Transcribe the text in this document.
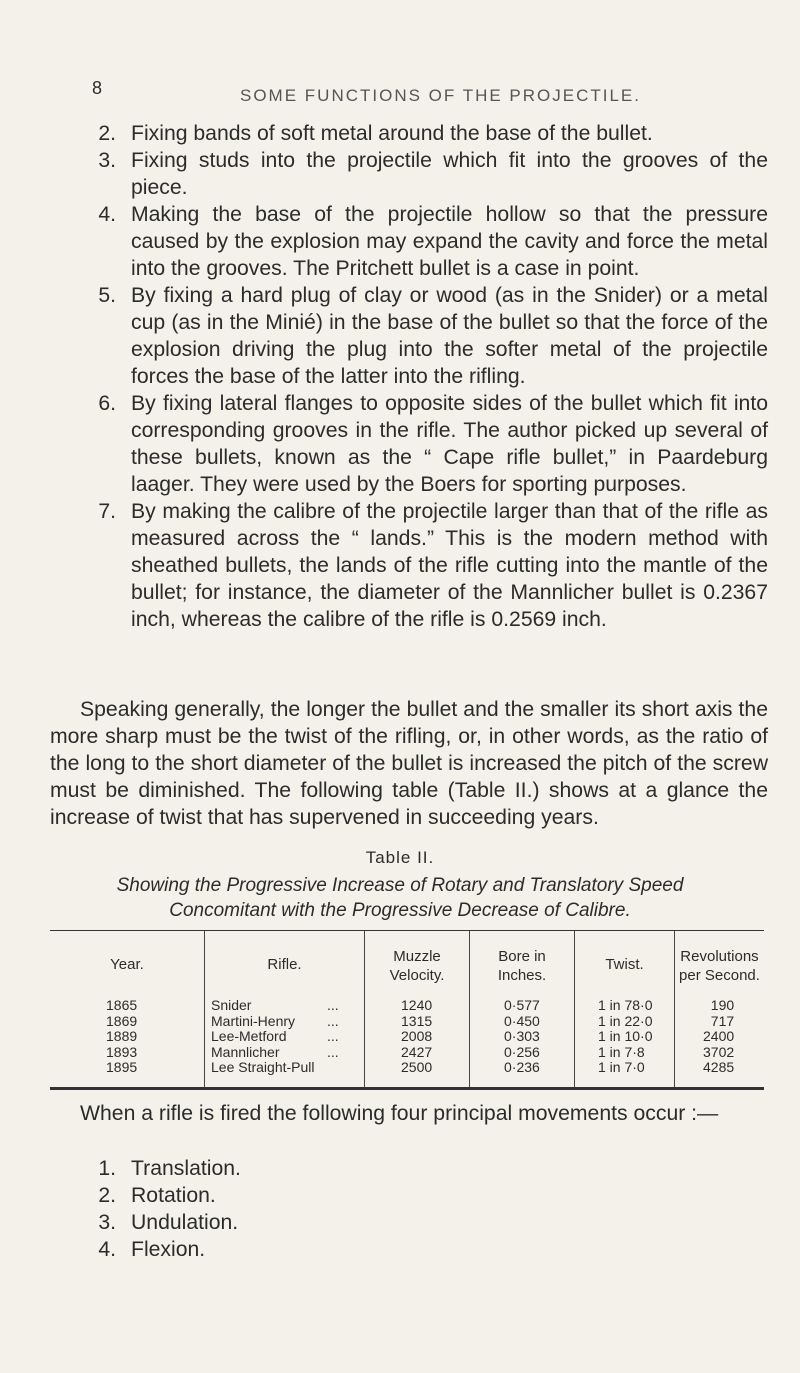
8	SOME FUNCTIONS OF THE PROJECTILE.
2. Fixing bands of soft metal around the base of the bullet.
3. Fixing studs into the projectile which fit into the grooves of the piece.
4. Making the base of the projectile hollow so that the pressure caused by the explosion may expand the cavity and force the metal into the grooves. The Pritchett bullet is a case in point.
5. By fixing a hard plug of clay or wood (as in the Snider) or a metal cup (as in the Minié) in the base of the bullet so that the force of the explosion driving the plug into the softer metal of the projectile forces the base of the latter into the rifling.
6. By fixing lateral flanges to opposite sides of the bullet which fit into corresponding grooves in the rifle. The author picked up several of these bullets, known as the “ Cape rifle bullet,” in Paardeburg laager. They were used by the Boers for sporting purposes.
7. By making the calibre of the projectile larger than that of the rifle as measured across the “ lands.” This is the modern method with sheathed bullets, the lands of the rifle cutting into the mantle of the bullet; for instance, the diameter of the Mannlicher bullet is 0.2367 inch, whereas the calibre of the rifle is 0.2569 inch.
Speaking generally, the longer the bullet and the smaller its short axis the more sharp must be the twist of the rifling, or, in other words, as the ratio of the long to the short diameter of the bullet is increased the pitch of the screw must be diminished. The following table (Table II.) shows at a glance the increase of twist that has supervened in succeeding years.
Table II.
Showing the Progressive Increase of Rotary and Translatory Speed
Concomitant with the Progressive Decrease of Calibre.
Year.
1865
1869
1889
1893
1895
Rifle.
Snider
Martini-Henry
Lee-Metford
Mannlicher
Lee Straight-Pull
...
...
...
...
Muzzle
Velocity.
1240
1315
2008
2427
2500
Bore in
Inches.
0·577
0·450
0·303
0·256
0·236
Twist.
1 in 78·0
1 in 22·0
1 in 10·0
1 in 7·8
1 in 7·0
Revolutions
per Second.
190
717
2400
3702
4285
When a rifle is fired the following four principal movements occur :—
1. Translation.
2. Rotation.
3. Undulation.
4. Flexion.
